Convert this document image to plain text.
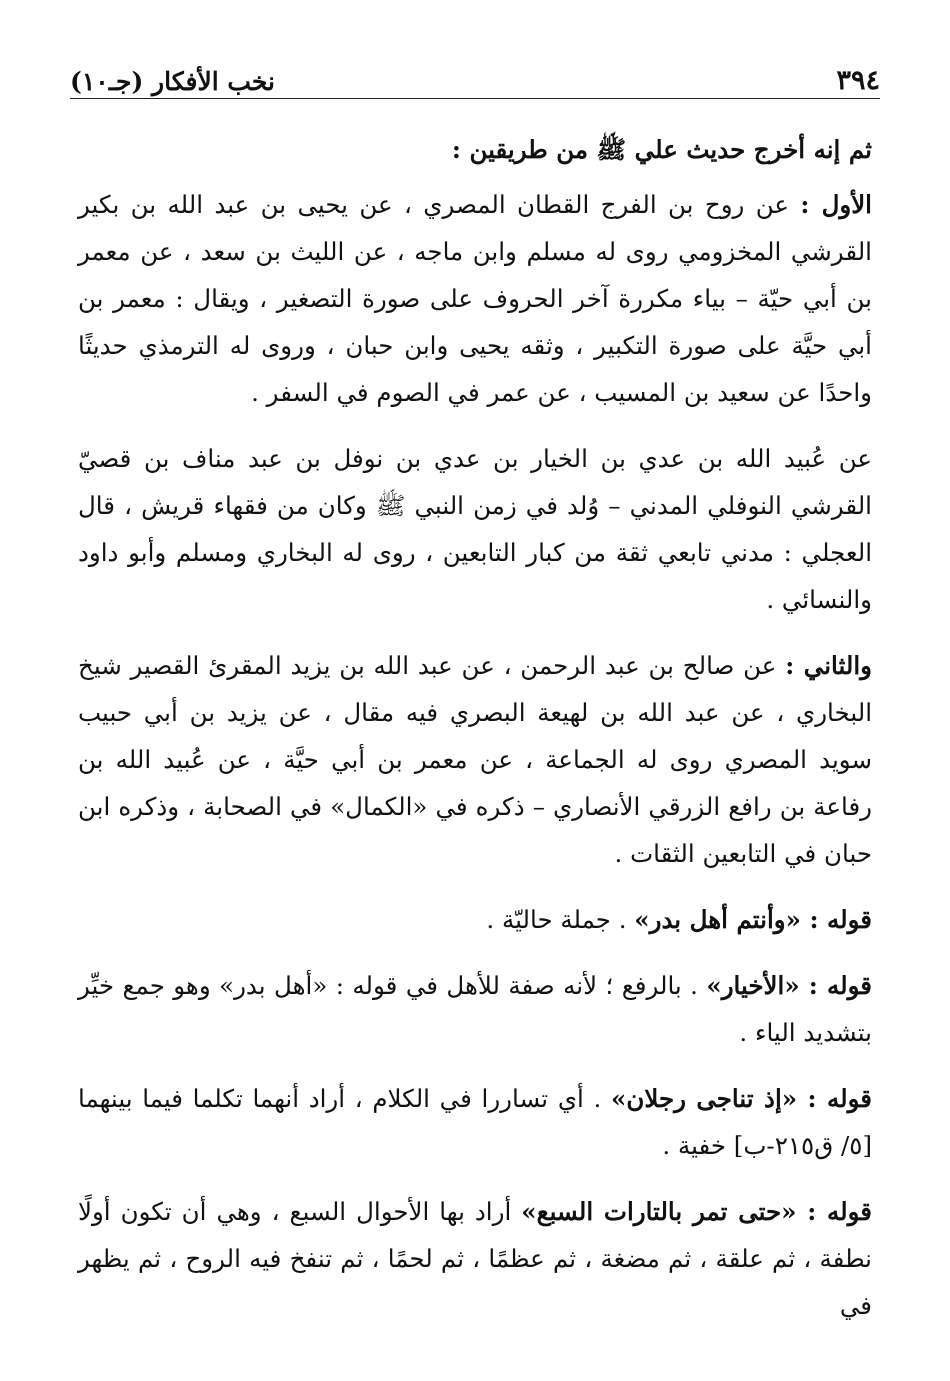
٣٩٤
نخب الأفكار (جـ١٠)

ثم إنه أخرج حديث علي ﷺ من طريقين :

الأول : عن روح بن الفرج القطان المصري ، عن يحيى بن عبد الله بن بكير القرشي المخزومي روى له مسلم وابن ماجه ، عن الليث بن سعد ، عن معمر بن أبي حيّة – بياء مكررة آخر الحروف على صورة التصغير ، ويقال : معمر بن أبي حيَّة على صورة التكبير ، وثقه يحيى وابن حبان ، وروى له الترمذي حديثًا واحدًا عن سعيد بن المسيب ، عن عمر في الصوم في السفر .

عن عُبيد الله بن عدي بن الخيار بن عدي بن نوفل بن عبد مناف بن قصيّ القرشي النوفلي المدني – وُلد في زمن النبي ﷺ وكان من فقهاء قريش ، قال العجلي : مدني تابعي ثقة من كبار التابعين ، روى له البخاري ومسلم وأبو داود والنسائي .

والثاني : عن صالح بن عبد الرحمن ، عن عبد الله بن يزيد المقرئ القصير شيخ البخاري ، عن عبد الله بن لهيعة البصري فيه مقال ، عن يزيد بن أبي حبيب سويد المصري روى له الجماعة ، عن معمر بن أبي حيَّة ، عن عُبيد الله بن رفاعة بن رافع الزرقي الأنصاري – ذكره في «الكمال» في الصحابة ، وذكره ابن حبان في التابعين الثقات .

قوله : «وأنتم أهل بدر» . جملة حاليّة .

قوله : «الأخيار» . بالرفع ؛ لأنه صفة للأهل في قوله : «أهل بدر» وهو جمع خيِّر بتشديد الياء .

قوله : «إذ تناجى رجلان» . أي تساررا في الكلام ، أراد أنهما تكلما فيما بينهما [٥/ ق٢١٥-ب] خفية .

قوله : «حتى تمر بالتارات السبع» أراد بها الأحوال السبع ، وهي أن تكون أولًا نطفة ، ثم علقة ، ثم مضغة ، ثم عظمًا ، ثم لحمًا ، ثم تنفخ فيه الروح ، ثم يظهر في
